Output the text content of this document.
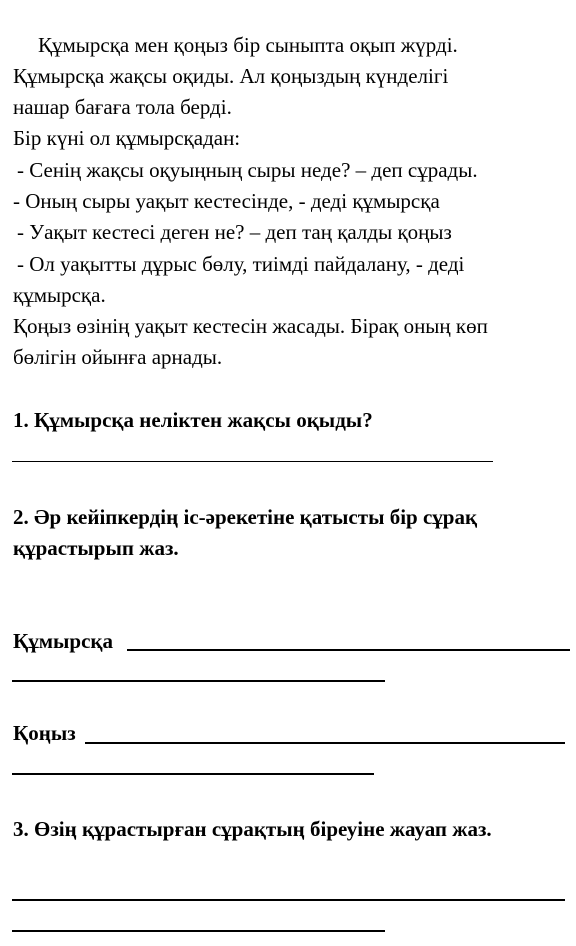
Құмырсқа мен қоңыз бір сыныпта оқып жүрді.
Құмырсқа жақсы оқиды. Ал қоңыздың күнделігі
нашар бағаға тола берді.
Бір күні ол құмырсқадан:
- Сенің жақсы оқуыңның сыры неде? – деп сұрады.
- Оның сыры уақыт кестесінде, - деді құмырсқа
- Уақыт кестесі деген не? – деп таң қалды қоңыз
- Ол уақытты дұрыс бөлу, тиімді пайдалану, - деді
құмырсқа.
Қоңыз өзінің уақыт кестесін жасады. Бірақ оның көп
бөлігін ойынға арнады.
1. Құмырсқа неліктен жақсы оқыды?
2. Әр кейіпкердің іс-әрекетіне қатысты бір сұрақ
құрастырып жаз.
Құмырсқа
Қоңыз
3. Өзің құрастырған сұрақтың біреуіне жауап жаз.
